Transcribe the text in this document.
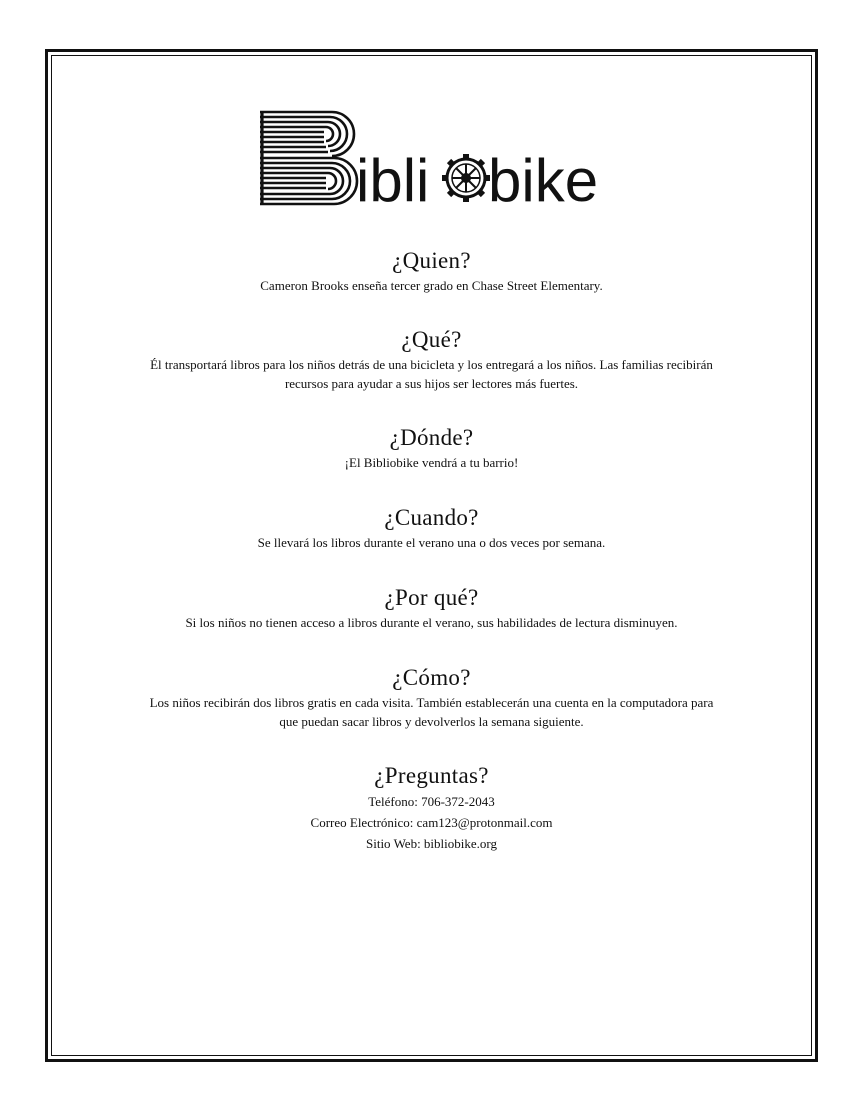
ibli bike
¿Quien?

Cameron Brooks enseña tercer grado en Chase Street Elementary.

¿Qué?

Él transportará libros para los niños detrás de una bicicleta y los entregará a los niños. Las familias recibirán

recursos para ayudar a sus hijos ser lectores más fuertes.

¿Dónde?

¡El Bibliobike vendrá a tu barrio!

¿Cuando?

Se llevará los libros durante el verano una o dos veces por semana.

¿Por qué?

Si los niños no tienen acceso a libros durante el verano, sus habilidades de lectura disminuyen.

¿Cómo?

Los niños recibirán dos libros gratis en cada visita. También establecerán una cuenta en la computadora para

que puedan sacar libros y devolverlos la semana siguiente.

¿Preguntas?

Teléfono: 706-372-2043

Correo Electrónico: cam123@protonmail.com

Sitio Web: bibliobike.org
